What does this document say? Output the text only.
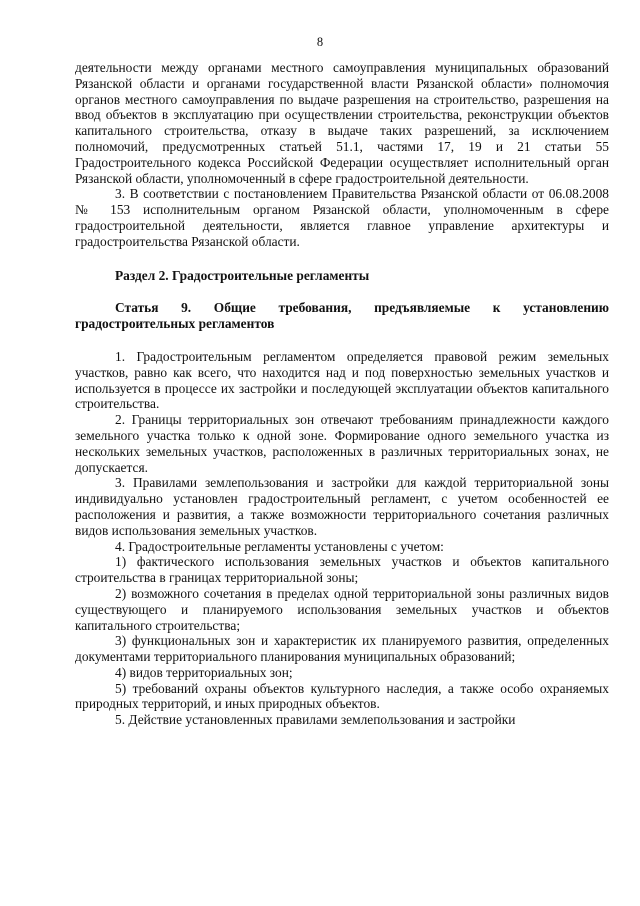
8

деятельности между органами местного самоуправления муниципальных образований Рязанской области и органами государственной власти Рязанской области» полномочия органов местного самоуправления по выдаче разрешения на строительство, разрешения на ввод объектов в эксплуатацию при осуществлении строительства, реконструкции объектов капитального строительства, отказу в выдаче таких разрешений, за исключением полномочий, предусмотренных статьей 51.1, частями 17, 19 и 21 статьи 55 Градостроительного кодекса Российской Федерации осуществляет исполнительный орган Рязанской области, уполномоченный в сфере градостроительной деятельности.

3. В соответствии с постановлением Правительства Рязанской области от 06.08.2008 № 153 исполнительным органом Рязанской области, уполномоченным в сфере градостроительной деятельности, является главное управление архитектуры и градостроительства Рязанской области.

Раздел 2. Градостроительные регламенты

Статья 9. Общие требования, предъявляемые к установлению градостроительных регламентов

1. Градостроительным регламентом определяется правовой режим земельных участков, равно как всего, что находится над и под поверхностью земельных участков и используется в процессе их застройки и последующей эксплуатации объектов капитального строительства.

2. Границы территориальных зон отвечают требованиям принадлежности каждого земельного участка только к одной зоне. Формирование одного земельного участка из нескольких земельных участков, расположенных в различных территориальных зонах, не допускается.

3. Правилами землепользования и застройки для каждой территориальной зоны индивидуально установлен градостроительный регламент, с учетом особенностей ее расположения и развития, а также возможности территориального сочетания различных видов использования земельных участков.

4. Градостроительные регламенты установлены с учетом:

1) фактического использования земельных участков и объектов капитального строительства в границах территориальной зоны;

2) возможного сочетания в пределах одной территориальной зоны различных видов существующего и планируемого использования земельных участков и объектов капитального строительства;

3) функциональных зон и характеристик их планируемого развития, определенных документами территориального планирования муниципальных образований;

4) видов территориальных зон;

5) требований охраны объектов культурного наследия, а также особо охраняемых природных территорий, и иных природных объектов.

5. Действие установленных правилами землепользования и застройки
